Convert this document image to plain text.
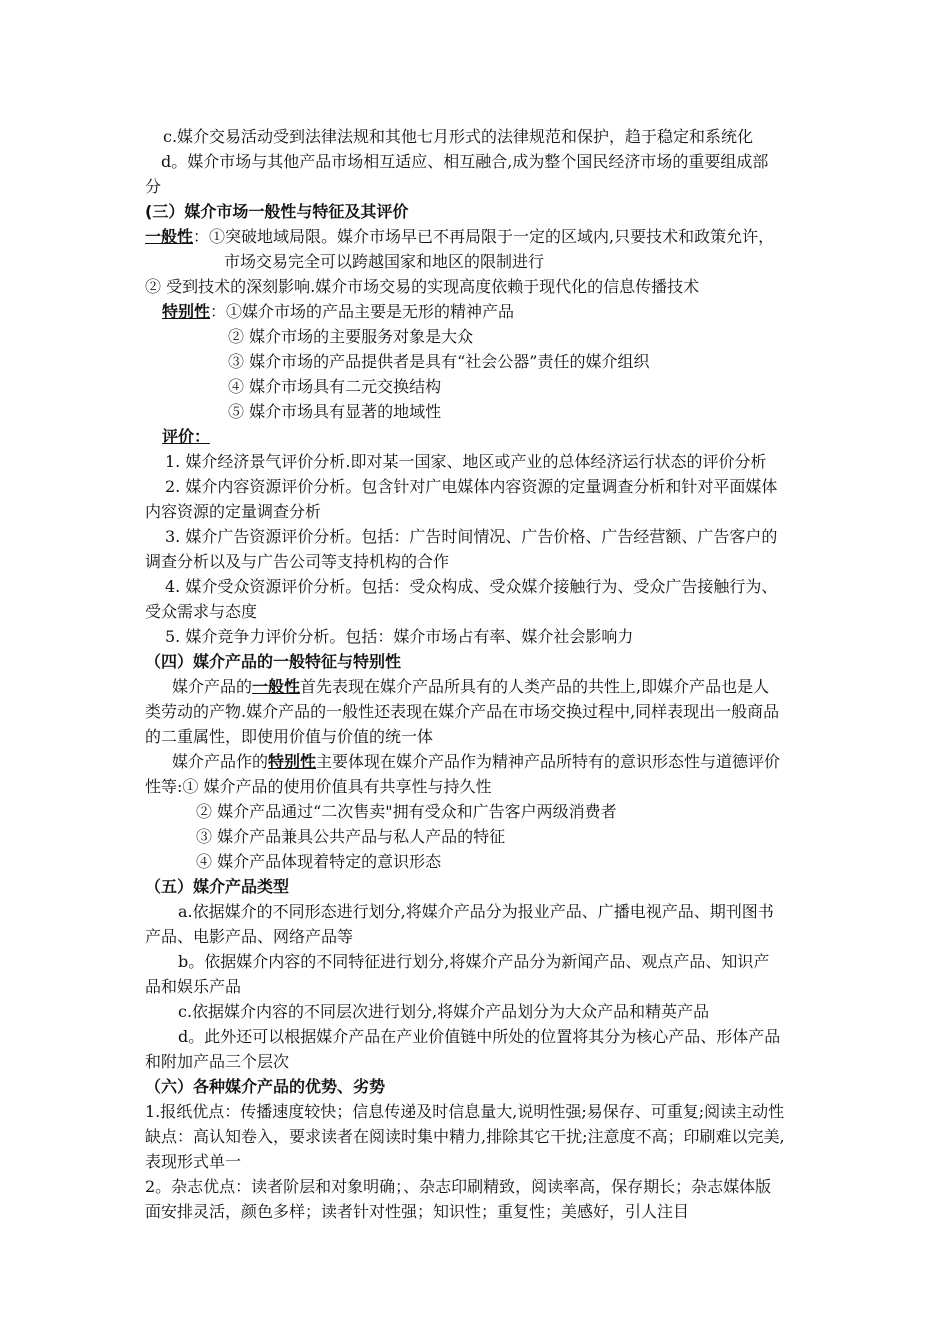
c.媒介交易活动受到法律法规和其他七月形式的法律规范和保护，趋于稳定和系统化
d。媒介市场与其他产品市场相互适应、相互融合,成为整个国民经济市场的重要组成部
分
(三）媒介市场一般性与特征及其评价
一般性：①突破地域局限。媒介市场早已不再局限于一定的区域内,只要技术和政策允许，
市场交易完全可以跨越国家和地区的限制进行
② 受到技术的深刻影响.媒介市场交易的实现高度依赖于现代化的信息传播技术
特别性：①媒介市场的产品主要是无形的精神产品
② 媒介市场的主要服务对象是大众
③ 媒介市场的产品提供者是具有“社会公器”责任的媒介组织
④ 媒介市场具有二元交换结构
⑤ 媒介市场具有显著的地域性
评价：
1. 媒介经济景气评价分析.即对某一国家、地区或产业的总体经济运行状态的评价分析
2. 媒介内容资源评价分析。包含针对广电媒体内容资源的定量调查分析和针对平面媒体
内容资源的定量调查分析
3. 媒介广告资源评价分析。包括：广告时间情况、广告价格、广告经营额、广告客户的
调查分析以及与广告公司等支持机构的合作
4. 媒介受众资源评价分析。包括：受众构成、受众媒介接触行为、受众广告接触行为、
受众需求与态度
5. 媒介竞争力评价分析。包括：媒介市场占有率、媒介社会影响力
（四）媒介产品的一般特征与特别性
媒介产品的一般性首先表现在媒介产品所具有的人类产品的共性上,即媒介产品也是人
类劳动的产物.媒介产品的一般性还表现在媒介产品在市场交换过程中,同样表现出一般商品
的二重属性，即使用价值与价值的统一体
媒介产品作的特别性主要体现在媒介产品作为精神产品所特有的意识形态性与道德评价
性等:① 媒介产品的使用价值具有共享性与持久性
② 媒介产品通过“二次售卖"拥有受众和广告客户两级消费者
③ 媒介产品兼具公共产品与私人产品的特征
④ 媒介产品体现着特定的意识形态
（五）媒介产品类型
a.依据媒介的不同形态进行划分,将媒介产品分为报业产品、广播电视产品、期刊图书
产品、电影产品、网络产品等
b。依据媒介内容的不同特征进行划分,将媒介产品分为新闻产品、观点产品、知识产
品和娱乐产品
c.依据媒介内容的不同层次进行划分,将媒介产品划分为大众产品和精英产品
d。此外还可以根据媒介产品在产业价值链中所处的位置将其分为核心产品、形体产品
和附加产品三个层次
（六）各种媒介产品的优势、劣势
1.报纸优点：传播速度较快；信息传递及时信息量大,说明性强;易保存、可重复;阅读主动性
缺点：高认知卷入，要求读者在阅读时集中精力,排除其它干扰;注意度不高；印刷难以完美,
表现形式单一
2。杂志优点：读者阶层和对象明确；、杂志印刷精致，阅读率高，保存期长；杂志媒体版
面安排灵活，颜色多样；读者针对性强；知识性；重复性；美感好，引人注目
